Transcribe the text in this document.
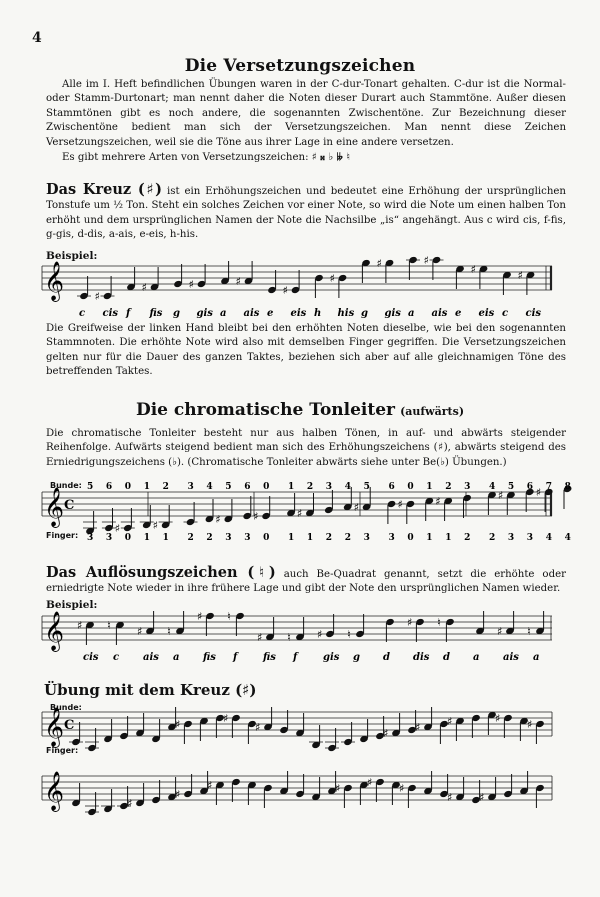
4
Die Versetzungszeichen

Alle im I. Heft befindlichen Übungen waren in der C-dur-Tonart gehalten. C-dur ist die Normal- oder Stamm-Durtonart; man nennt daher die Noten dieser Durart auch Stammtöne. Außer diesen Stammtönen gibt es noch andere, die sogenannten Zwischentöne. Zur Bezeichnung dieser Zwischentöne bedient man sich der Versetzungszeichen. Man nennt diese Zeichen Versetzungszeichen, weil sie die Töne aus ihrer Lage in eine andere versetzen.

Es gibt mehrere Arten von Versetzungszeichen: ♯ 𝄪 ♭ 𝄫 ♮

Das Kreuz (♯) ist ein Erhöhungszeichen und bedeutet eine Erhöhung der ursprünglichen Tonstufe um ½ Ton. Steht ein solches Zeichen vor einer Note, so wird die Note um einen halben Ton erhöht und dem ursprünglichen Namen der Note die Nachsilbe „is“ angehängt. Aus c wird cis, f-fis, g-gis, d-dis, a-ais, e-eis, h-his.
Beispiel:
𝄞	♯
♯	♯	♯
♯
♯
♯	♯
♯	♯
c cis f fis g gis a ais e eis h his g gis a ais e eis c cis
Die Greifweise der linken Hand bleibt bei den erhöhten Noten dieselbe, wie bei den sogenannten Stammnoten. Die erhöhte Note wird also mit demselben Finger gegriffen. Die Versetzungszeichen gelten nur für die Dauer des ganzen Taktes, beziehen sich aber auf alle gleichnamigen Töne des betreffenden Taktes.
Die chromatische Tonleiter (aufwärts)
Die chromatische Tonleiter besteht nur aus halben Tönen, in auf- und abwärts steigender Reihenfolge. Aufwärts steigend bedient man sich des Erhöhungszeichens (♯), abwärts steigend des Erniedrigungszeichens (♭). (Chromatische Tonleiter abwärts siehe unter Be(♭) Übungen.)
𝄞 C
♯	♯	♯	♯	♯	♯	♯	♯	♯	♯
5 6 0 1 2 3 4 5 6 0 1 2 3 4 5 6 0 1 2 3 4 5 6 7 8
3 3 0 1 1 2 2 3 3 0 1 1 2 2 3 3 0 1 1 2 2 3 3 4 4
Bunde:
Finger:
Das Auflösungszeichen (♮) auch Be-Quadrat genannt, setzt die erhöhte oder erniedrigte Note wieder in ihre frühere Lage und gibt der Note den ursprünglichen Namen wieder.
Beispiel:
𝄞 ♯ ♮ ♯ ♮
♯ ♮
♯ ♮ ♯ ♮
♯ ♮
♯ ♮
cis c ais a fis f	fis f	gis g d dis d a ais a
Übung mit dem Kreuz (♯)
Bunde:
Finger:
𝄞 C
𝄞
♯	♯
♯	♯ ♯ ♯	♯ ♯
♯
♯
♯	♯ ♯ ♯
♯ ♯
